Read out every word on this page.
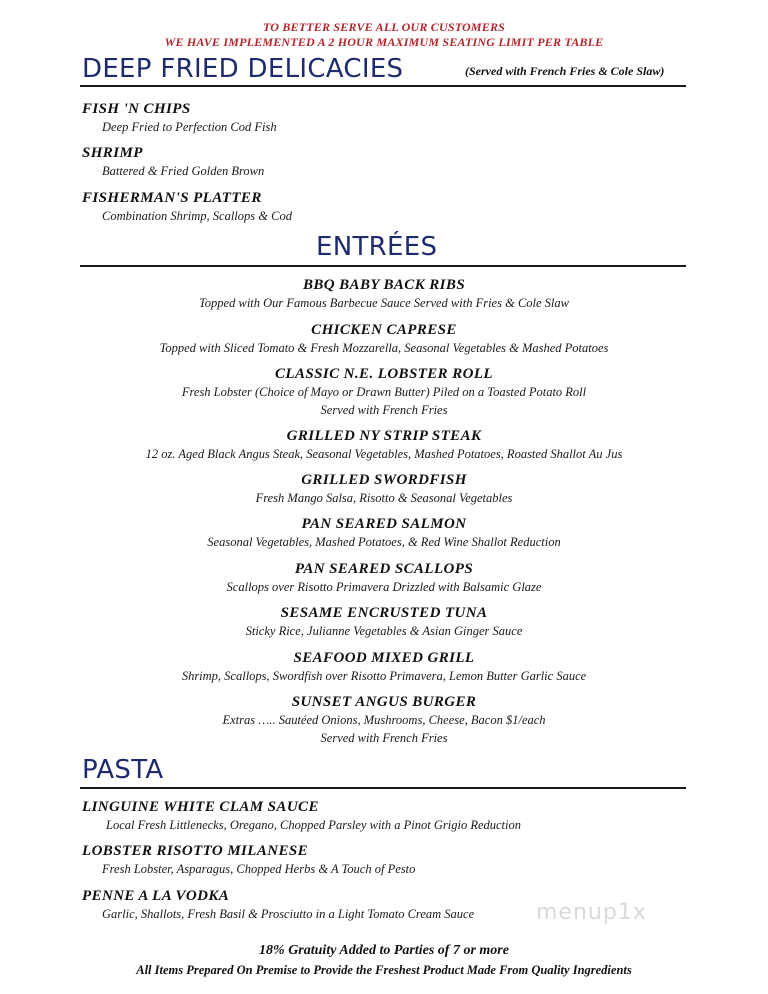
TO BETTER SERVE ALL OUR CUSTOMERS
WE HAVE IMPLEMENTED A 2 HOUR MAXIMUM SEATING LIMIT PER TABLE
DEEP FRIED DELICACIES	(Served with French Fries & Cole Slaw)
FISH 'N CHIPS
Deep Fried to Perfection Cod Fish
SHRIMP
Battered & Fried Golden Brown
FISHERMAN'S PLATTER
Combination Shrimp, Scallops & Cod
ENTRÉES
BBQ BABY BACK RIBS
Topped with Our Famous Barbecue Sauce Served with Fries & Cole Slaw
CHICKEN CAPRESE
Topped with Sliced Tomato & Fresh Mozzarella, Seasonal Vegetables & Mashed Potatoes
CLASSIC N.E. LOBSTER ROLL
Fresh Lobster (Choice of Mayo or Drawn Butter) Piled on a Toasted Potato Roll
Served with French Fries
GRILLED NY STRIP STEAK
12 oz. Aged Black Angus Steak, Seasonal Vegetables, Mashed Potatoes, Roasted Shallot Au Jus
GRILLED SWORDFISH
Fresh Mango Salsa, Risotto & Seasonal Vegetables
PAN SEARED SALMON
Seasonal Vegetables, Mashed Potatoes, & Red Wine Shallot Reduction
PAN SEARED SCALLOPS
Scallops over Risotto Primavera Drizzled with Balsamic Glaze
SESAME ENCRUSTED TUNA
Sticky Rice, Julianne Vegetables & Asian Ginger Sauce
SEAFOOD MIXED GRILL
Shrimp, Scallops, Swordfish over Risotto Primavera, Lemon Butter Garlic Sauce
SUNSET ANGUS BURGER
Extras ….. Sautéed Onions, Mushrooms, Cheese, Bacon $1/each
Served with French Fries
PASTA
LINGUINE WHITE CLAM SAUCE
Local Fresh Littlenecks, Oregano, Chopped Parsley with a Pinot Grigio Reduction
LOBSTER RISOTTO MILANESE
Fresh Lobster, Asparagus, Chopped Herbs & A Touch of Pesto
PENNE A LA VODKA
Garlic, Shallots, Fresh Basil & Prosciutto in a Light Tomato Cream Sauce	menup1x
18% Gratuity Added to Parties of 7 or more
All Items Prepared On Premise to Provide the Freshest Product Made From Quality Ingredients
